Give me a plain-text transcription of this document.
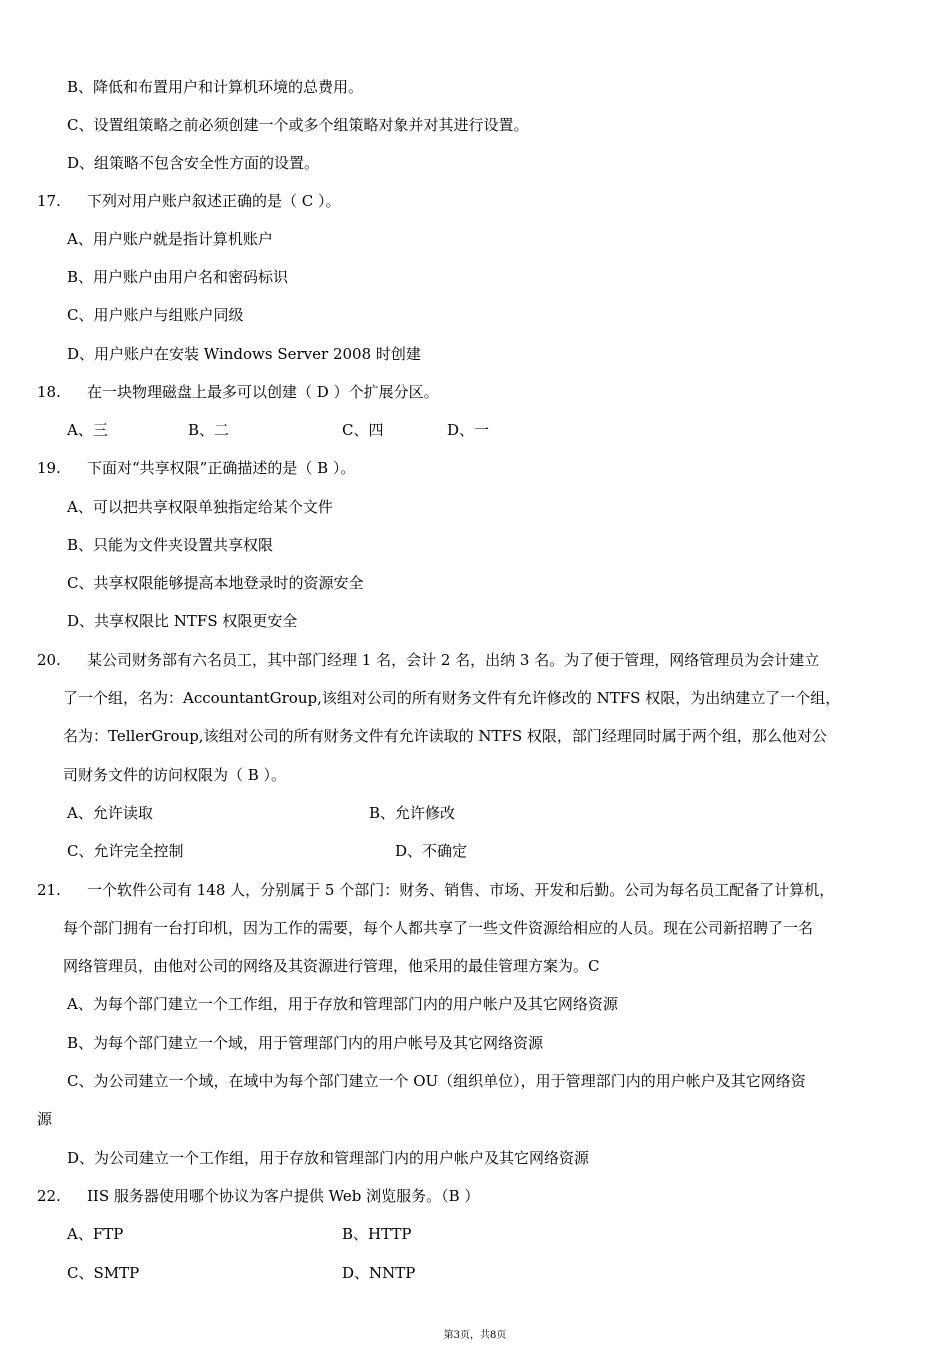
B、降低和布置用户和计算机环境的总费用。
C、设置组策略之前必须创建一个或多个组策略对象并对其进行设置。
D、组策略不包含安全性方面的设置。
17. 下列对用户账户叙述正确的是（ C ）。
A、用户账户就是指计算机账户
B、用户账户由用户名和密码标识
C、用户账户与组账户同级
D、用户账户在安装 Windows Server 2008 时创建
18. 在一块物理磁盘上最多可以创建（ D ）个扩展分区。
A、三	B、二	C、四	D、一
19. 下面对“共享权限”正确描述的是（ B ）。
A、可以把共享权限单独指定给某个文件
B、只能为文件夹设置共享权限
C、共享权限能够提高本地登录时的资源安全
D、共享权限比 NTFS 权限更安全
20. 某公司财务部有六名员工，其中部门经理 1 名，会计 2 名，出纳 3 名。为了便于管理，网络管理员为会计建立
了一个组，名为：AccountantGroup,该组对公司的所有财务文件有允许修改的 NTFS 权限，为出纳建立了一个组，
名为：TellerGroup,该组对公司的所有财务文件有允许读取的 NTFS 权限，部门经理同时属于两个组，那么他对公
司财务文件的访问权限为（ B ）。
A、允许读取	B、允许修改
C、允许完全控制	D、不确定
21. 一个软件公司有 148 人，分别属于 5 个部门：财务、销售、市场、开发和后勤。公司为每名员工配备了计算机，
每个部门拥有一台打印机，因为工作的需要，每个人都共享了一些文件资源给相应的人员。现在公司新招聘了一名
网络管理员，由他对公司的网络及其资源进行管理，他采用的最佳管理方案为。C
A、为每个部门建立一个工作组，用于存放和管理部门内的用户帐户及其它网络资源
B、为每个部门建立一个域，用于管理部门内的用户帐号及其它网络资源
C、为公司建立一个域，在域中为每个部门建立一个 OU（组织单位），用于管理部门内的用户帐户及其它网络资
源
D、为公司建立一个工作组，用于存放和管理部门内的用户帐户及其它网络资源
22. IIS 服务器使用哪个协议为客户提供 Web 浏览服务。（B ）
A、FTP	B、HTTP
C、SMTP	D、NNTP
第3页，共8页
